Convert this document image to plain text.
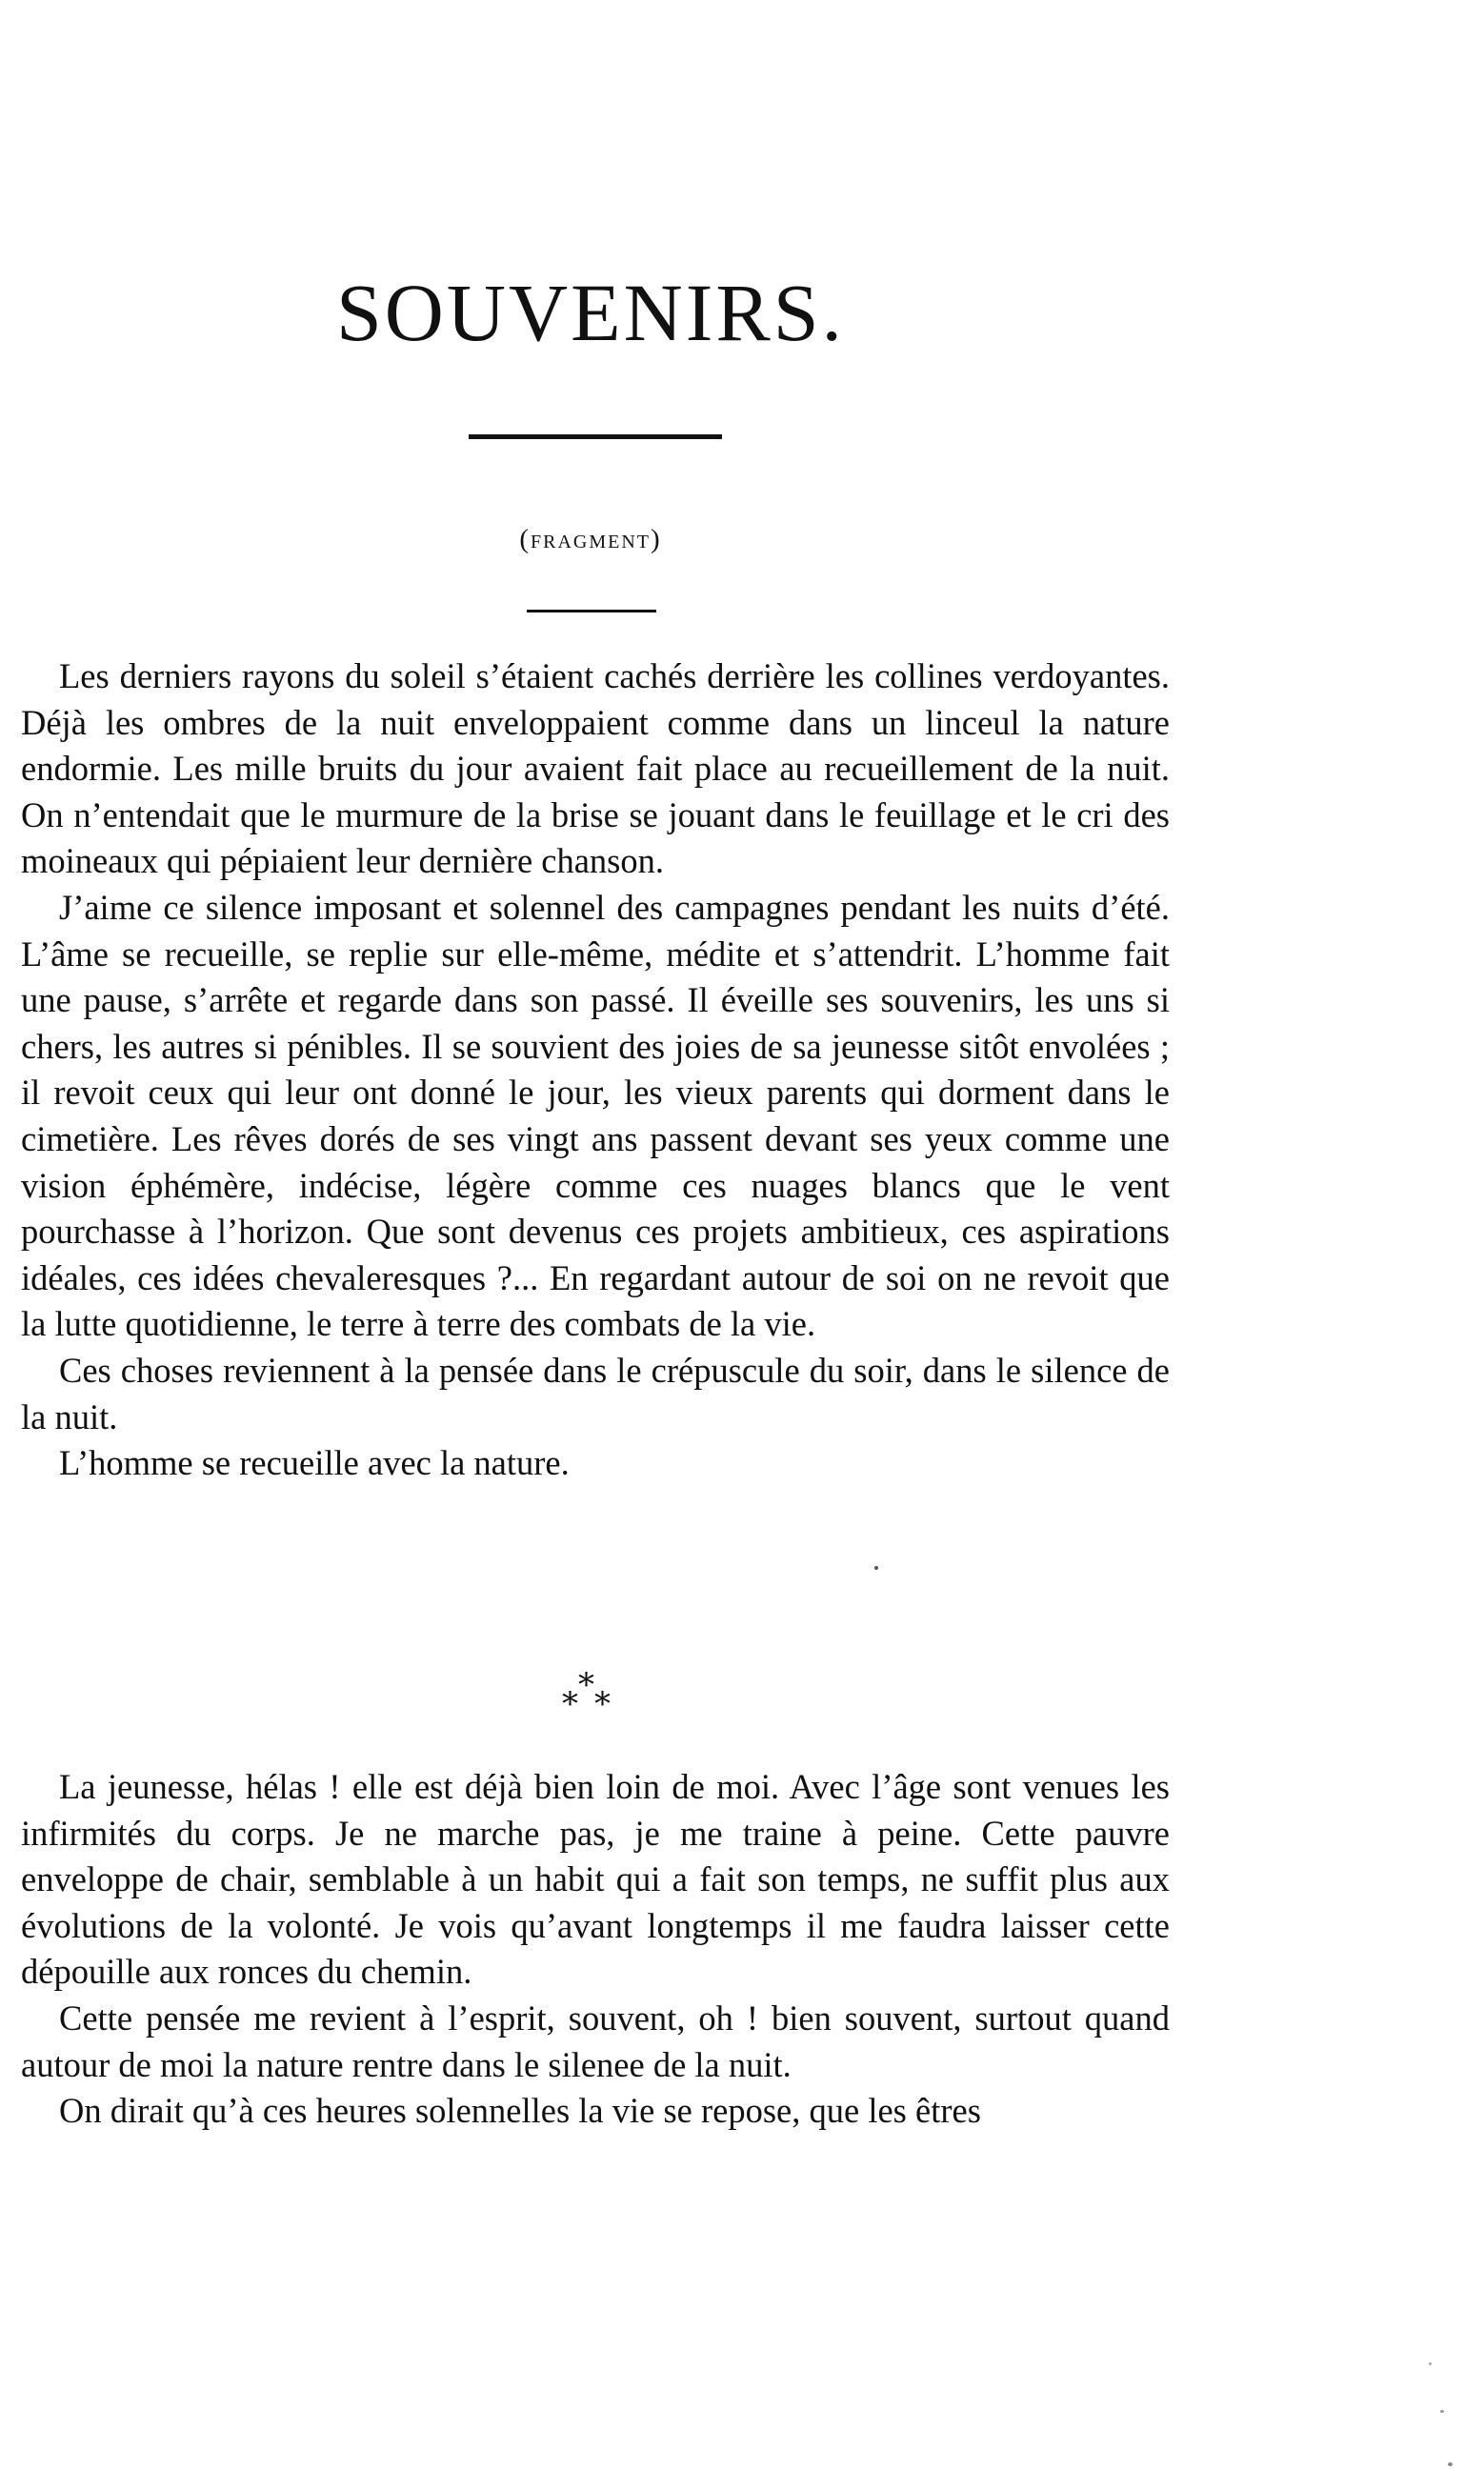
SOUVENIRS.
(fragment)

Les derniers rayons du soleil s’étaient cachés derrière les collines verdoyantes. Déjà les ombres de la nuit enveloppaient comme dans un linceul la nature endormie. Les mille bruits du jour avaient fait place au recueillement de la nuit. On n’entendait que le murmure de la brise se jouant dans le feuillage et le cri des moineaux qui pépiaient leur dernière chanson.

J’aime ce silence imposant et solennel des campagnes pendant les nuits d’été. L’âme se recueille, se replie sur elle-même, médite et s’attendrit. L’homme fait une pause, s’arrête et regarde dans son passé. Il éveille ses souvenirs, les uns si chers, les autres si pénibles. Il se souvient des joies de sa jeunesse sitôt envolées ; il revoit ceux qui leur ont donné le jour, les vieux parents qui dorment dans le cimetière. Les rêves dorés de ses vingt ans passent devant ses yeux comme une vision éphémère, indécise, légère comme ces nuages blancs que le vent pourchasse à l’horizon. Que sont devenus ces projets ambitieux, ces aspirations idéales, ces idées chevaleresques ?... En regardant autour de soi on ne revoit que la lutte quotidienne, le terre à terre des combats de la vie.

Ces choses reviennent à la pensée dans le crépuscule du soir, dans le silence de la nuit.

L’homme se recueille avec la nature.

*
* *

La jeunesse, hélas ! elle est déjà bien loin de moi. Avec l’âge sont venues les infirmités du corps. Je ne marche pas, je me traine à peine. Cette pauvre enveloppe de chair, semblable à un habit qui a fait son temps, ne suffit plus aux évolutions de la volonté. Je vois qu’avant longtemps il me faudra laisser cette dépouille aux ronces du chemin.

Cette pensée me revient à l’esprit, souvent, oh ! bien souvent, surtout quand autour de moi la nature rentre dans le silenee de la nuit.

On dirait qu’à ces heures solennelles la vie se repose, que les êtres
